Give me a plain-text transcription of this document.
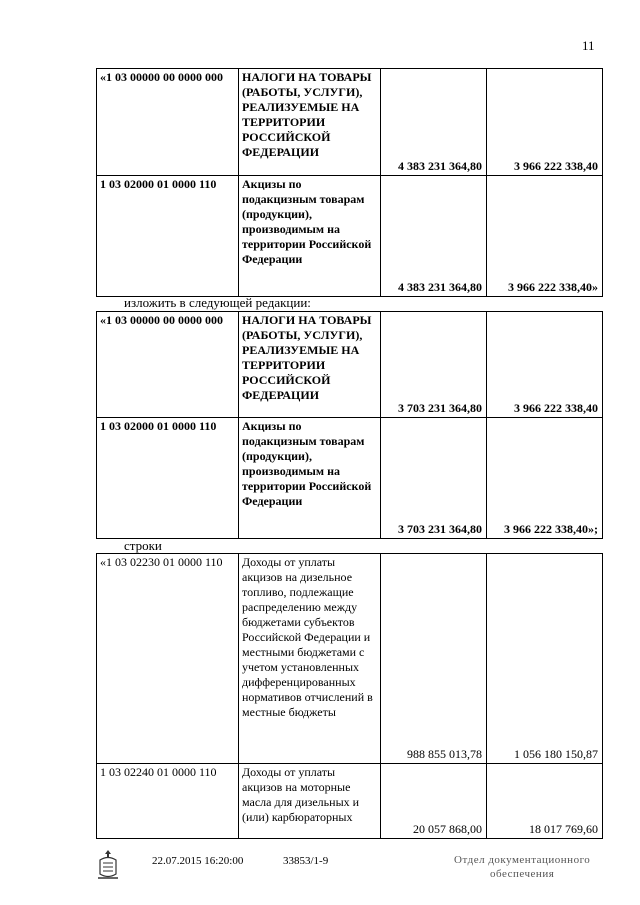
11
«1 03 00000 00 0000 000	НАЛОГИ НА ТОВАРЫ (РАБОТЫ, УСЛУГИ), РЕАЛИЗУЕМЫЕ НА ТЕРРИТОРИИ РОССИЙСКОЙ ФЕДЕРАЦИИ	4 383 231 364,80	3 966 222 338,40
1 03 02000 01 0000 110	Акцизы по подакцизным товарам (продукции), производимым на территории Российской Федерации	4 383 231 364,80	3 966 222 338,40»
изложить в следующей редакции:
«1 03 00000 00 0000 000	НАЛОГИ НА ТОВАРЫ (РАБОТЫ, УСЛУГИ), РЕАЛИЗУЕМЫЕ НА ТЕРРИТОРИИ РОССИЙСКОЙ ФЕДЕРАЦИИ	3 703 231 364,80	3 966 222 338,40
1 03 02000 01 0000 110	Акцизы по подакцизным товарам (продукции), производимым на территории Российской Федерации	3 703 231 364,80	3 966 222 338,40»;
строки
«1 03 02230 01 0000 110	Доходы от уплаты акцизов на дизельное топливо, подлежащие распределению между бюджетами субъектов Российской Федерации и местными бюджетами с учетом установленных дифференцированных нормативов отчислений в местные бюджеты	988 855 013,78	1 056 180 150,87
1 03 02240 01 0000 110	Доходы от уплаты акцизов на моторные масла для дизельных и (или) карбюраторных	20 057 868,00	18 017 769,60
22.07.2015 16:20:00	33853/1-9	Отдел документационного
обеспечения
